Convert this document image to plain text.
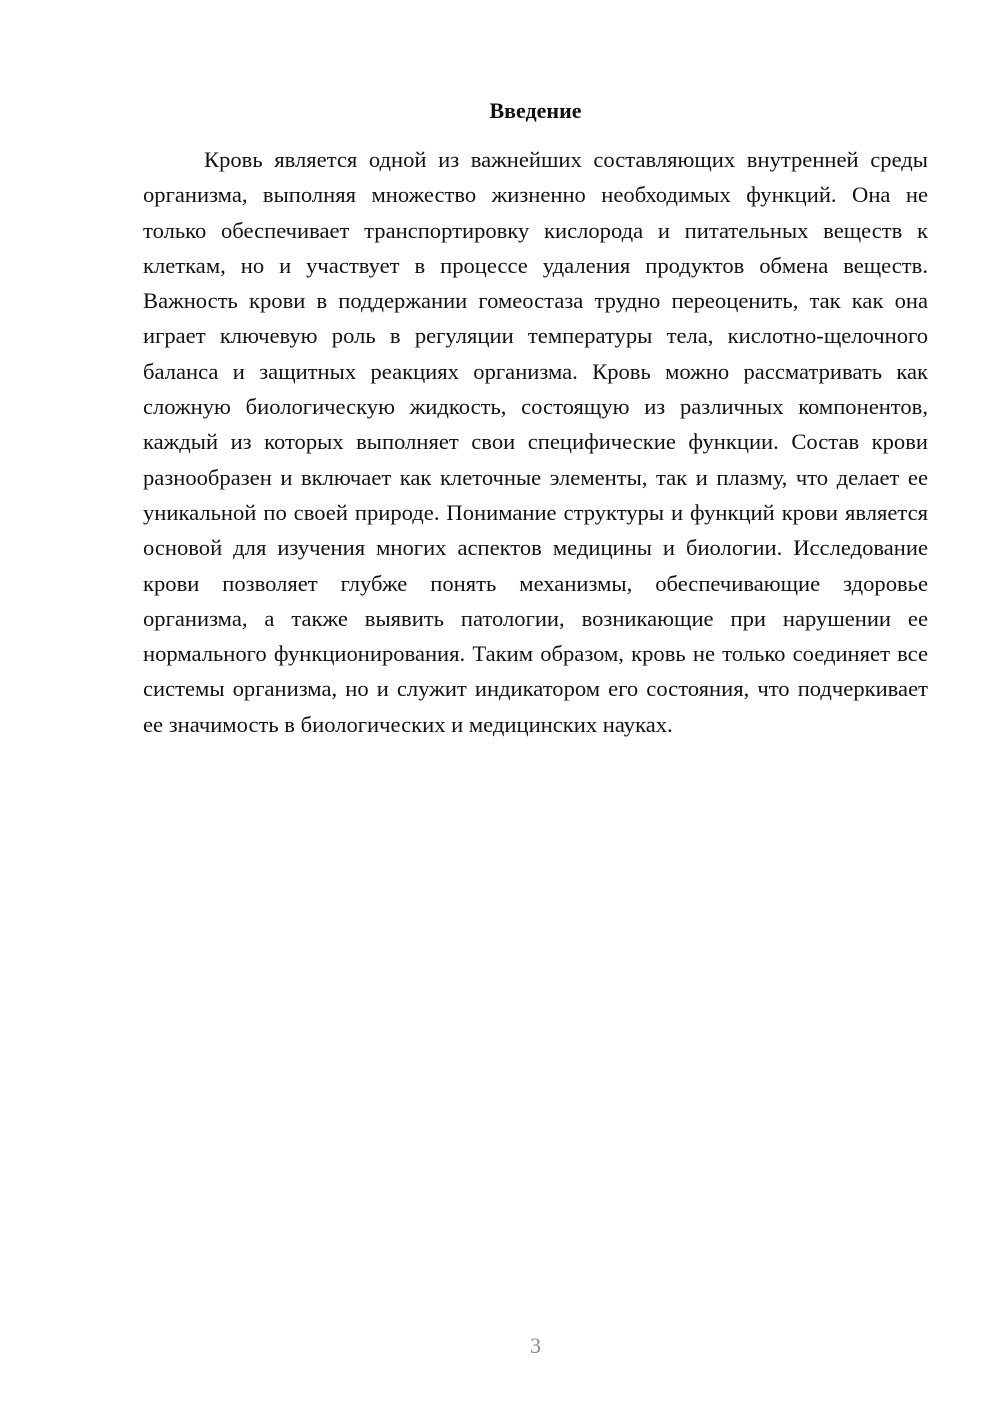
Введение

Кровь является одной из важнейших составляющих внутренней среды организма, выполняя множество жизненно необходимых функций. Она не только обеспечивает транспортировку кислорода и питательных веществ к клеткам, но и участвует в процессе удаления продуктов обмена веществ. Важность крови в поддержании гомеостаза трудно переоценить, так как она играет ключевую роль в регуляции температуры тела, кислотно-щелочного баланса и защитных реакциях организма. Кровь можно рассматривать как сложную биологическую жидкость, состоящую из различных компонентов, каждый из которых выполняет свои специфические функции. Состав крови разнообразен и включает как клеточные элементы, так и плазму, что делает ее уникальной по своей природе. Понимание структуры и функций крови является основой для изучения многих аспектов медицины и биологии. Исследование крови позволяет глубже понять механизмы, обеспечивающие здоровье организма, а также выявить патологии, возникающие при нарушении ее нормального функционирования. Таким образом, кровь не только соединяет все системы организма, но и служит индикатором его состояния, что подчеркивает ее значимость в биологических и медицинских науках.

3
